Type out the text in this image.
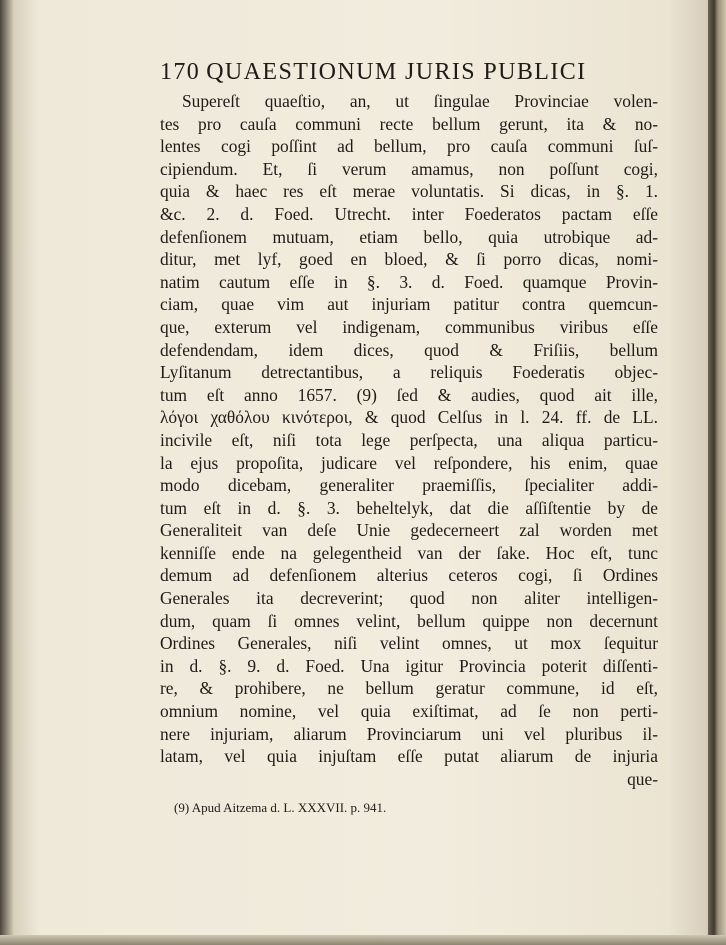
170 QUAESTIONUM JURIS PUBLICI
Supereſt quaeſtio, an, ut ſingulae Provinciae volen-
tes pro cauſa communi recte bellum gerunt, ita & no-
lentes cogi poſſint ad bellum, pro cauſa communi ſuſ-
cipiendum. Et, ſi verum amamus, non poſſunt cogi,
quia & haec res eſt merae voluntatis. Si dicas, in §. 1.
&c. 2. d. Foed. Utrecht. inter Foederatos pactam eſſe
defenſionem mutuam, etiam bello, quia utrobique ad-
ditur, met lyf, goed en bloed, & ſi porro dicas, nomi-
natim cautum eſſe in §. 3. d. Foed. quamque Provin-
ciam, quae vim aut injuriam patitur contra quemcun-
que, exterum vel indigenam, communibus viribus eſſe
defendendam, idem dices, quod & Friſiis, bellum
Lyſitanum detrectantibus, a reliquis Foederatis objec-
tum eſt anno 1657. (9) ſed & audies, quod ait ille,
λόγοι χαθόλου κινότεροι, & quod Celſus in l. 24. ff. de LL.
incivile eſt, niſi tota lege perſpecta, una aliqua particu-
la ejus propoſita, judicare vel reſpondere, his enim, quae
modo dicebam, generaliter praemiſſis, ſpecialiter addi-
tum eſt in d. §. 3. beheltelyk, dat die aſſiſtentie by de
Generaliteit van deſe Unie gedecerneert zal worden met
kenniſſe ende na gelegentheid van der ſake. Hoc eſt, tunc
demum ad defenſionem alterius ceteros cogi, ſi Ordines
Generales ita decreverint; quod non aliter intelligen-
dum, quam ſi omnes velint, bellum quippe non decernunt
Ordines Generales, niſi velint omnes, ut mox ſequitur
in d. §. 9. d. Foed. Una igitur Provincia poterit diſſenti-
re, & prohibere, ne bellum geratur commune, id eſt,
omnium nomine, vel quia exiſtimat, ad ſe non perti-
nere injuriam, aliarum Provinciarum uni vel pluribus il-
latam, vel quia injuſtam eſſe putat aliarum de injuria
que-
(9) Apud Aitzema d. L. XXXVII. p. 941.
